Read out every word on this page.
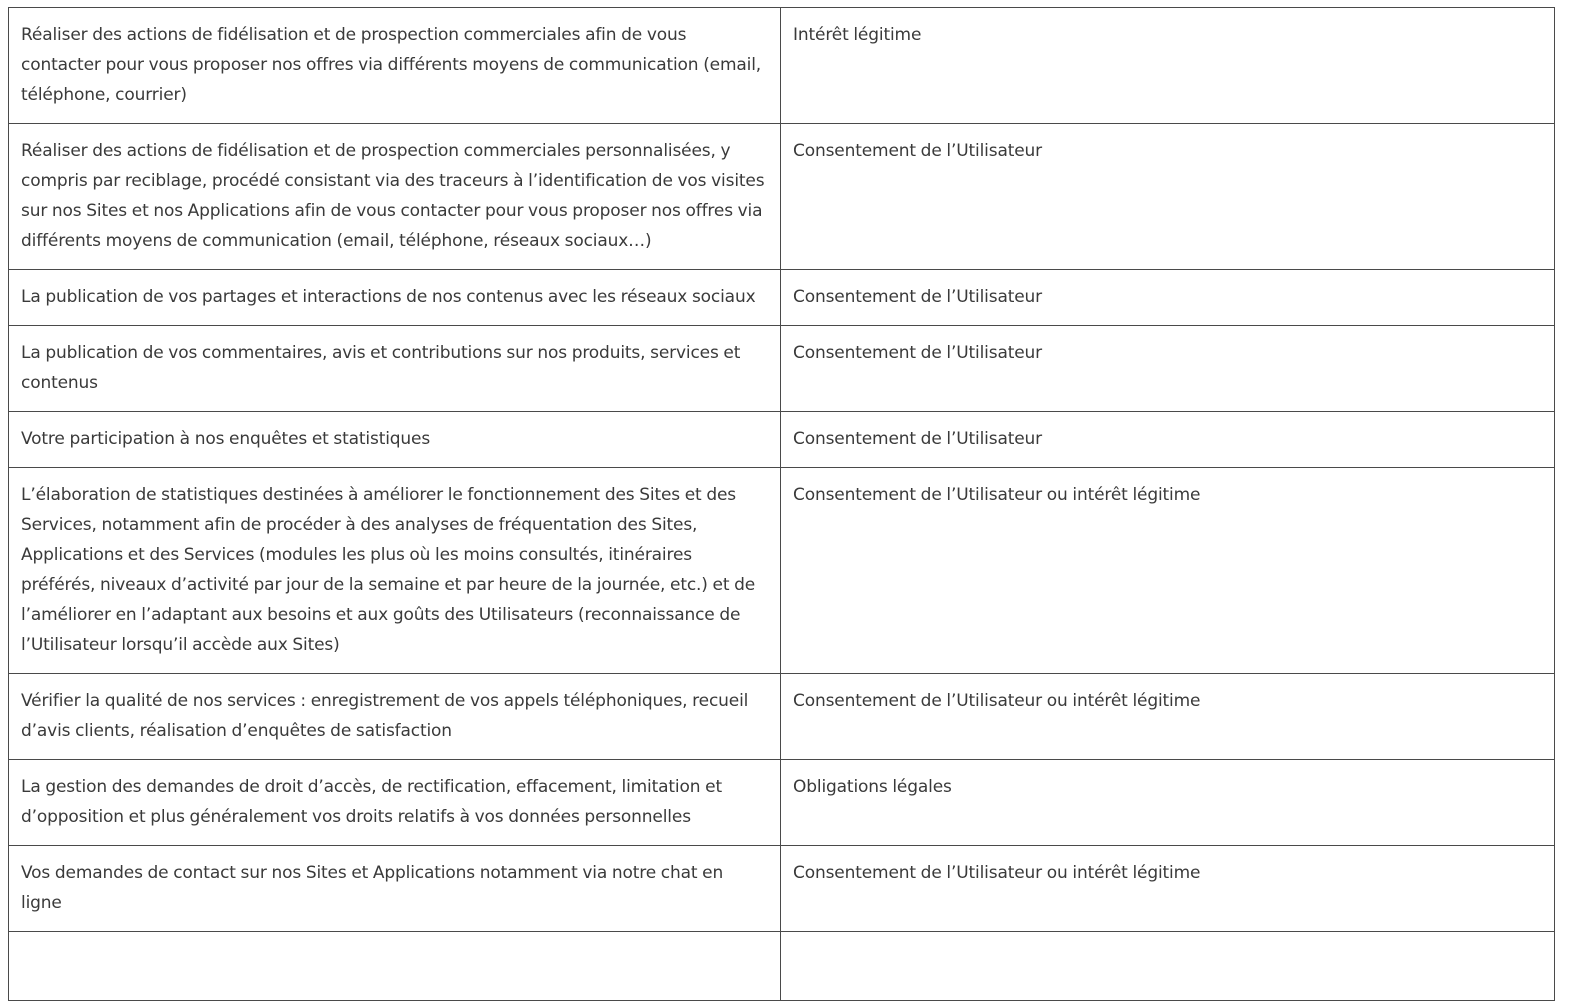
Réaliser des actions de fidélisation et de prospection commerciales afin de vous contacter pour vous proposer nos offres via différents moyens de communication (email, téléphone, courrier)	Intérêt légitime
Réaliser des actions de fidélisation et de prospection commerciales personnalisées, y compris par reciblage, procédé consistant via des traceurs à l’identification de vos visites sur nos Sites et nos Applications afin de vous contacter pour vous proposer nos offres via différents moyens de communication (email, téléphone, réseaux sociaux…)	Consentement de l’Utilisateur
La publication de vos partages et interactions de nos contenus avec les réseaux sociaux	Consentement de l’Utilisateur
La publication de vos commentaires, avis et contributions sur nos produits, services et contenus	Consentement de l’Utilisateur
Votre participation à nos enquêtes et statistiques	Consentement de l’Utilisateur
L’élaboration de statistiques destinées à améliorer le fonctionnement des Sites et des Services, notamment afin de procéder à des analyses de fréquentation des Sites, Applications et des Services (modules les plus où les moins consultés, itinéraires préférés, niveaux d’activité par jour de la semaine et par heure de la journée, etc.) et de l’améliorer en l’adaptant aux besoins et aux goûts des Utilisateurs (reconnaissance de l’Utilisateur lorsqu’il accède aux Sites)	Consentement de l’Utilisateur ou intérêt légitime
Vérifier la qualité de nos services : enregistrement de vos appels téléphoniques, recueil d’avis clients, réalisation d’enquêtes de satisfaction	Consentement de l’Utilisateur ou intérêt légitime
La gestion des demandes de droit d’accès, de rectification, effacement, limitation et d’opposition et plus généralement vos droits relatifs à vos données personnelles	Obligations légales
Vos demandes de contact sur nos Sites et Applications notamment via notre chat en ligne	Consentement de l’Utilisateur ou intérêt légitime
